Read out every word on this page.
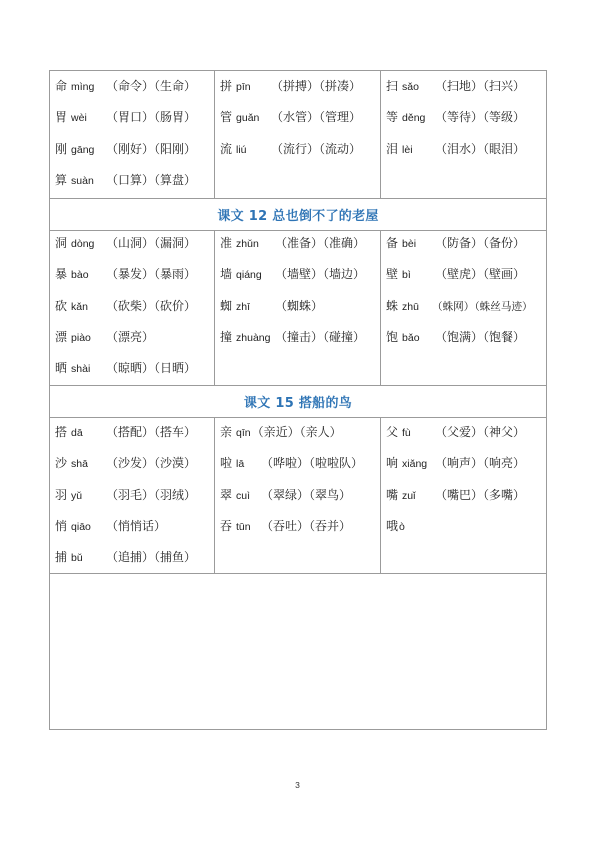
命 mìng （命令）（生命）
胃 wèi （胃口）（肠胃）
刚 gāng （刚好）（阳刚）
算 suàn （口算）（算盘）
拼 pīn （拼搏）（拼凑）
管 guǎn （水管）（管理）
流 liú （流行）（流动）
扫 sǎo （扫地）（扫兴）
等 děng （等待）（等级）
泪 lèi （泪水）（眼泪）
课文 12 总也倒不了的老屋
洞 dòng （山洞）（漏洞）
暴 bào （暴发）（暴雨）
砍 kǎn （砍柴）（砍价）
漂 piào （漂亮）
晒 shài （晾晒）（日晒）
准 zhǔn （准备）（准确）
墙 qiáng （墙壁）（墙边）
蜘 zhī （蜘蛛）
撞 zhuàng （撞击）（碰撞）
备 bèi （防备）（备份）
壁 bì （壁虎）（壁画）
蛛 zhū （蛛网）（蛛丝马迹）
饱 bǎo （饱满）（饱餐）
课文 15 搭船的鸟
搭 dā （搭配）（搭车）
沙 shā （沙发）（沙漠）
羽 yǔ （羽毛）（羽绒）
悄 qiāo （悄悄话）
捕 bǔ （追捕）（捕鱼）
亲 qīn（亲近）（亲人）
啦 lā （哗啦）（啦啦队）
翠 cuì （翠绿）（翠鸟）
吞 tūn （吞吐）（吞并）
父 fù （父爱）（神父）
响 xiǎng （响声）（响亮）
嘴 zuǐ （嘴巴）（多嘴）
哦ò
3
